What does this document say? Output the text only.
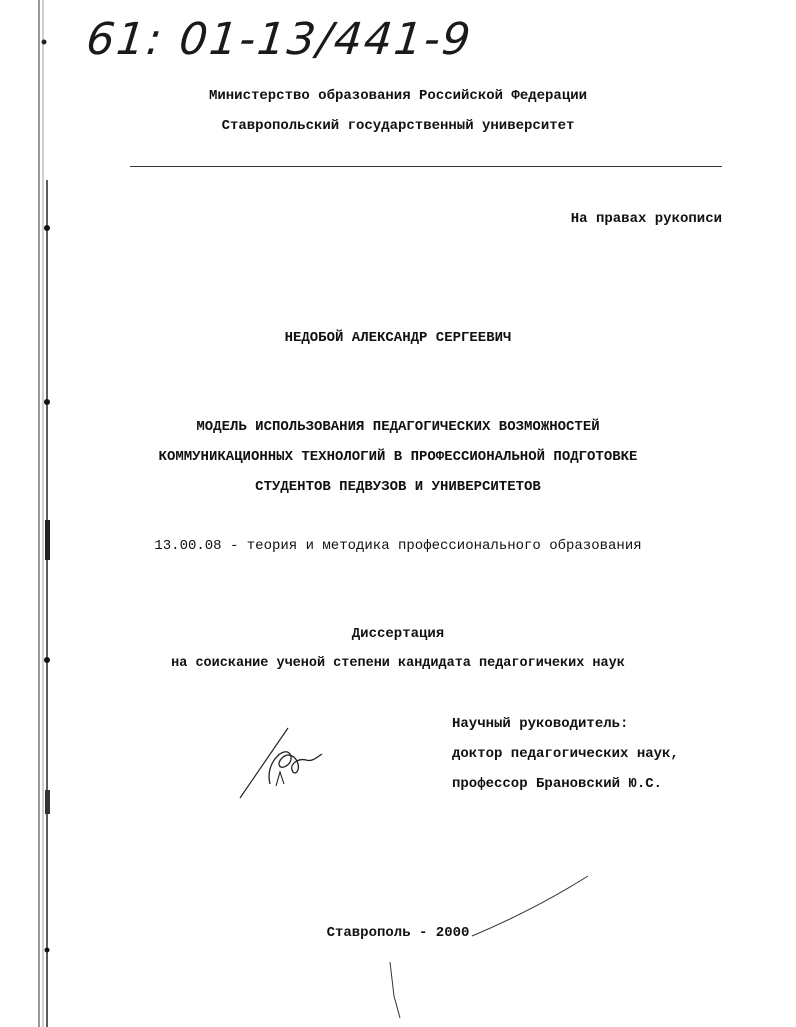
61: 01-13/441-9
Министерство образования Российской Федерации
Ставропольский государственный университет
На правах рукописи
НЕДОБОЙ АЛЕКСАНДР СЕРГЕЕВИЧ
МОДЕЛЬ ИСПОЛЬЗОВАНИЯ ПЕДАГОГИЧЕСКИХ ВОЗМОЖНОСТЕЙ
КОММУНИКАЦИОННЫХ ТЕХНОЛОГИЙ В ПРОФЕССИОНАЛЬНОЙ ПОДГОТОВКЕ
СТУДЕНТОВ ПЕДВУЗОВ И УНИВЕРСИТЕТОВ
13.00.08 - теория и методика профессионального образования
Диссертация
на соискание ученой степени кандидата педагогичеких наук
Научный руководитель:
доктор педагогических наук,
профессор Брановский Ю.С.
Ставрополь - 2000
